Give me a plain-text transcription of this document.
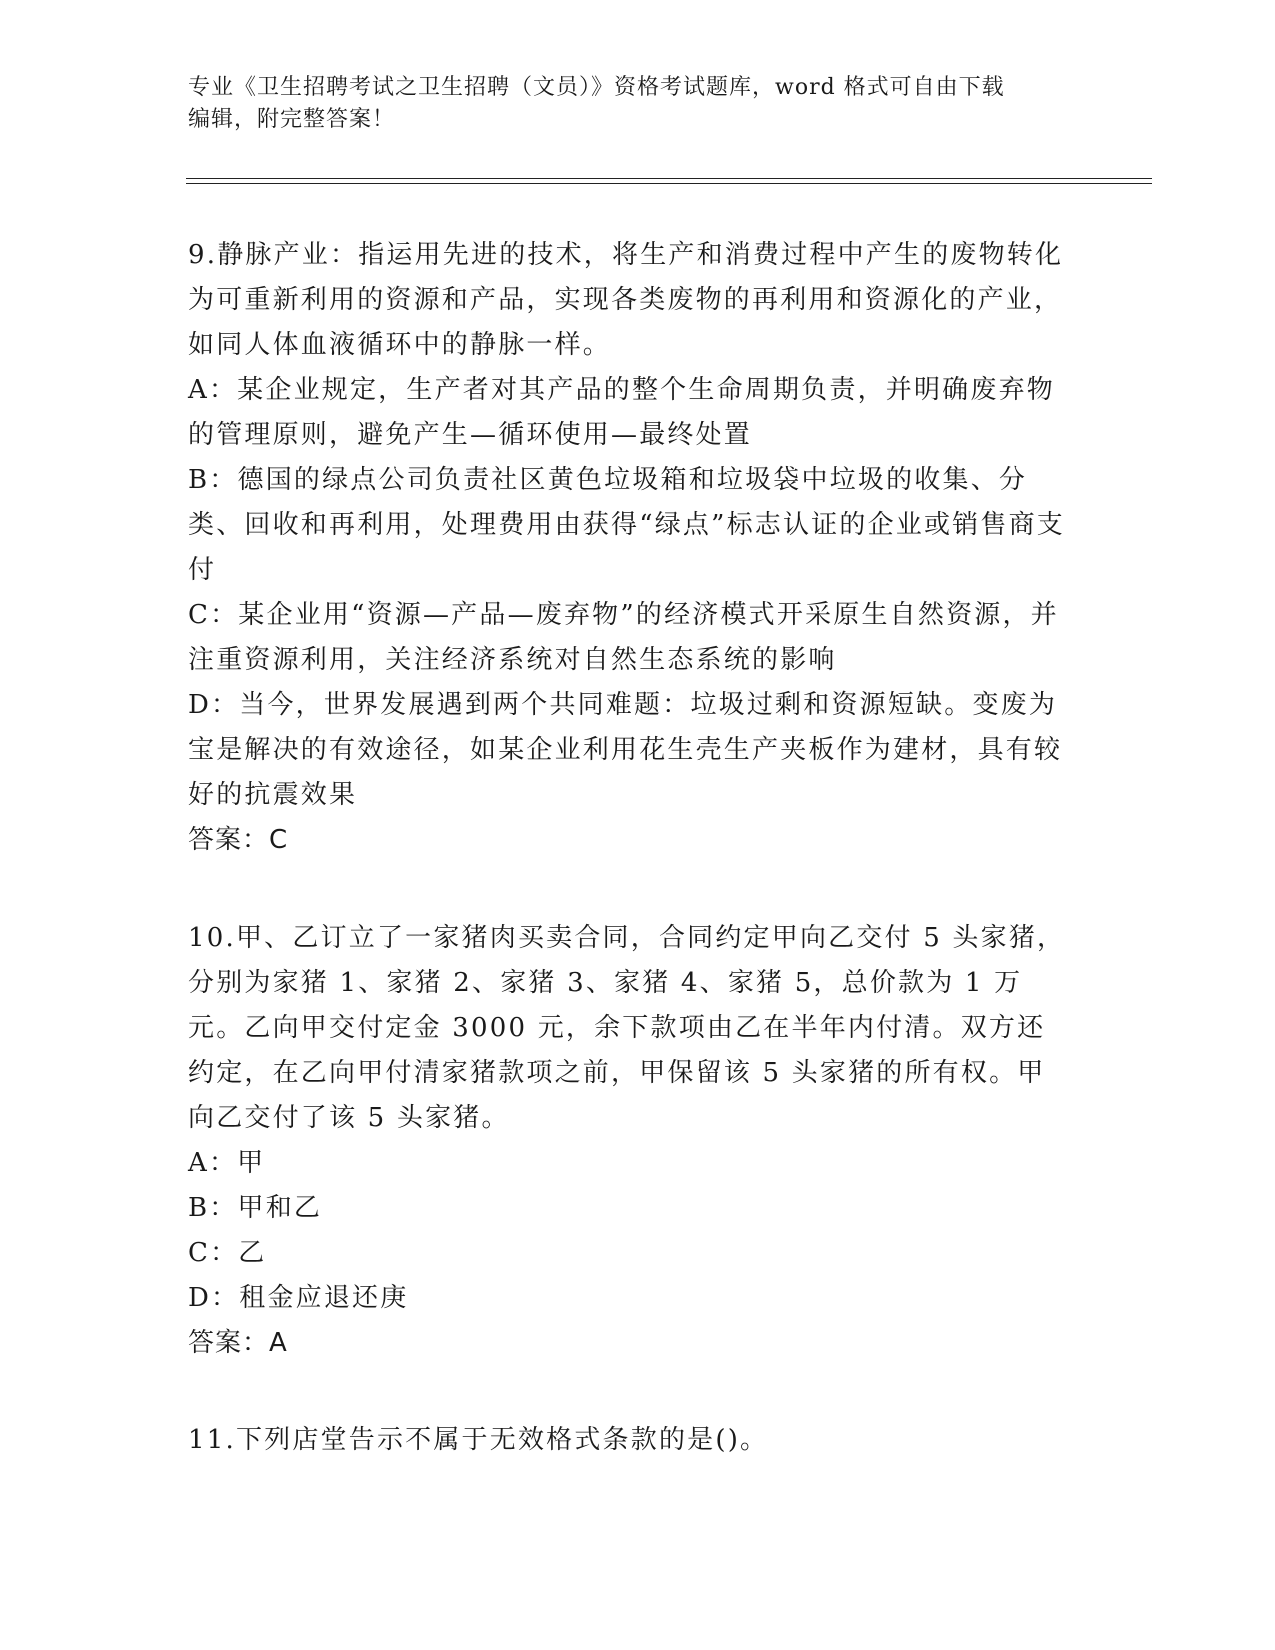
专业《卫生招聘考试之卫生招聘（文员）》资格考试题库，word 格式可自由下载
编辑，附完整答案！

9.静脉产业：指运用先进的技术，将生产和消费过程中产生的废物转化为可重新利用的资源和产品，实现各类废物的再利用和资源化的产业，如同人体血液循环中的静脉一样。

A：某企业规定，生产者对其产品的整个生命周期负责，并明确废弃物的管理原则，避免产生—循环使用—最终处置

B：德国的绿点公司负责社区黄色垃圾箱和垃圾袋中垃圾的收集、分类、回收和再利用，处理费用由获得“绿点”标志认证的企业或销售商支付

C：某企业用“资源—产品—废弃物”的经济模式开采原生自然资源，并注重资源利用，关注经济系统对自然生态系统的影响

D：当今，世界发展遇到两个共同难题：垃圾过剩和资源短缺。变废为宝是解决的有效途径，如某企业利用花生壳生产夹板作为建材，具有较好的抗震效果

答案：C

10.甲、乙订立了一家猪肉买卖合同，合同约定甲向乙交付 5 头家猪，分别为家猪 1、家猪 2、家猪 3、家猪 4、家猪 5，总价款为 1 万元。乙向甲交付定金 3000 元，余下款项由乙在半年内付清。双方还约定，在乙向甲付清家猪款项之前，甲保留该 5 头家猪的所有权。甲向乙交付了该 5 头家猪。

A：甲

B：甲和乙

C：乙

D：租金应退还庚

答案：A

11.下列店堂告示不属于无效格式条款的是()。
